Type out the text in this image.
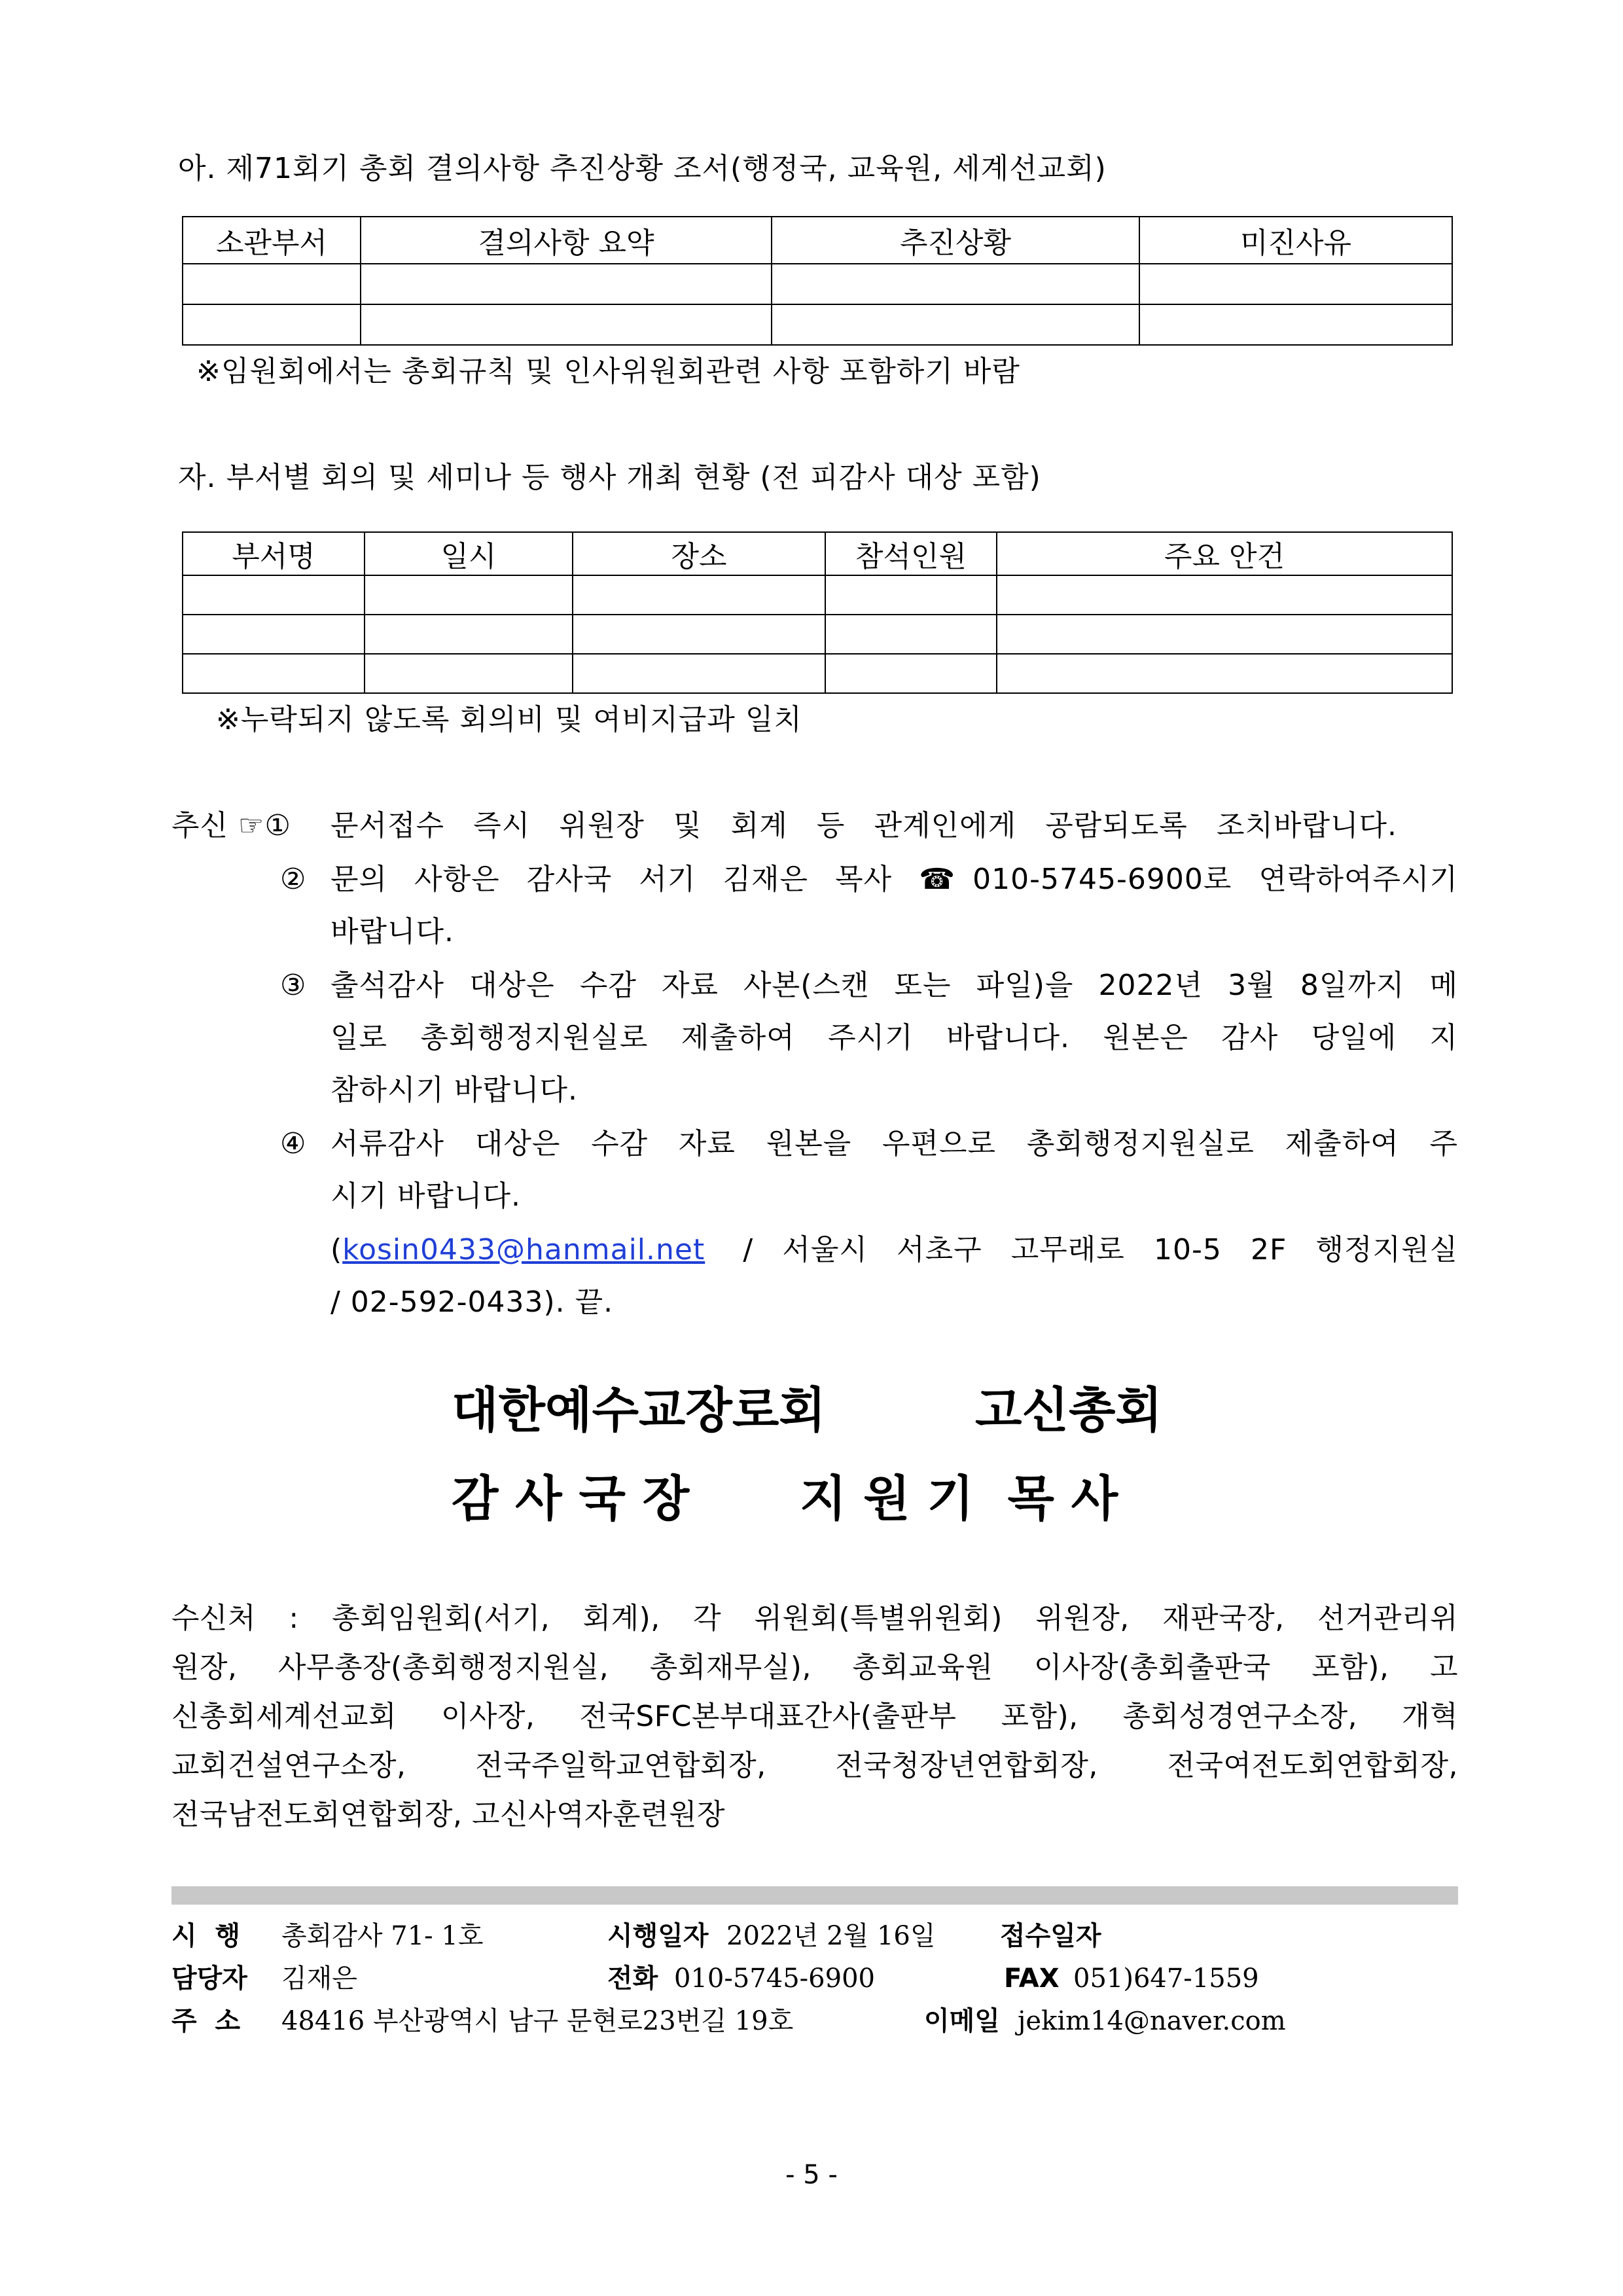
아. 제71회기 총회 결의사항 추진상황 조서(행정국, 교육원, 세계선교회)
소관부서	결의사항 요약	추진상황	미진사유

※임원회에서는 총회규칙 및 인사위원회관련 사항 포함하기 바람
자. 부서별 회의 및 세미나 등 행사 개최 현황 (전 피감사 대상 포함)
부서명	일시	장소	참석인원	주요 안건

※누락되지 않도록 회의비 및 여비지급과 일치
추신 ☞① 문서접수 즉시 위원장 및 회계 등 관계인에게 공람되도록 조치바랍니다.
② 문의 사항은 감사국 서기 김재은 목사 ☎010-5745-6900로 연락하여주시기
바랍니다.
③ 출석감사 대상은 수감 자료 사본(스캔 또는 파일)을 2022년 3월 8일까지 메
일로 총회행정지원실로 제출하여 주시기 바랍니다. 원본은 감사 당일에 지
참하시기 바랍니다.
④ 서류감사 대상은 수감 자료 원본을 우편으로 총회행정지원실로 제출하여 주
시기 바랍니다.
( kosin0433@hanmail.net / 서울시 서초구 고무래로 10-5 2F 행정지원실
/ 02-592-0433). 끝.
대한예수교장로회	고신총회
감 사 국 장 지 원 기  목 사
수신처 : 총회임원회(서기, 회계), 각 위원회(특별위원회) 위원장, 재판국장, 선거관리위
원장, 사무총장(총회행정지원실, 총회재무실), 총회교육원 이사장(총회출판국 포함), 고
신총회세계선교회 이사장, 전국SFC본부대표간사(출판부 포함), 총회성경연구소장, 개혁
교회건설연구소장, 전국주일학교연합회장, 전국청장년연합회장, 전국여전도회연합회장,
전국남전도회연합회장, 고신사역자훈련원장
시  행 총회감사 71- 1호	시행일자 2022년 2월 16일 접수일자
담당자 김재은	전화 010-5745-6900	FAX 051)647-1559
주  소 48416 부산광역시 남구 문현로23번길 19호	이메일 jekim14@naver.com
- 5 -
